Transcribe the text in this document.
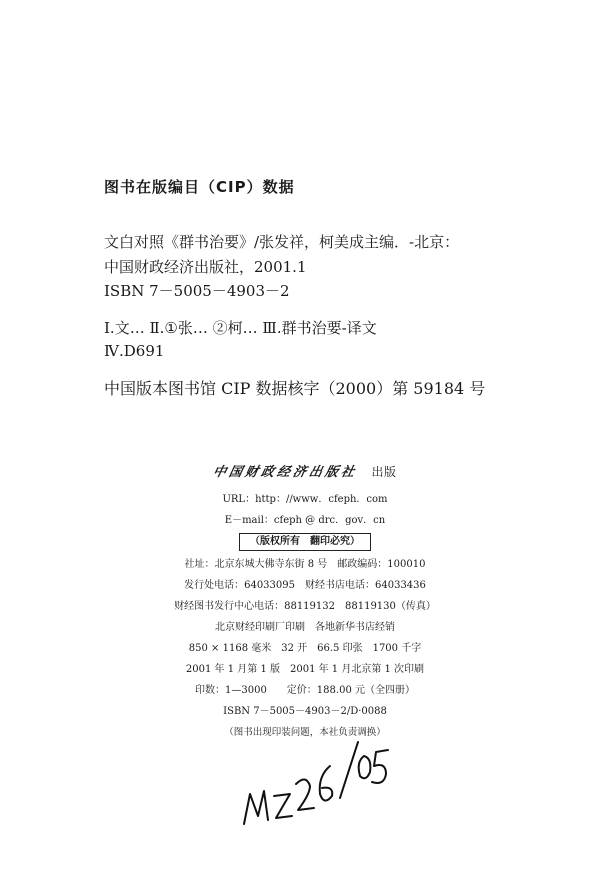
图书在版编目（CIP）数据
文白对照《群书治要》/张发祥，柯美成主编．-北京：
中国财政经济出版社，2001.1
ISBN 7－5005－4903－2
Ⅰ.文… Ⅱ.①张… ②柯… Ⅲ.群书治要-译文
Ⅳ.D691
中国版本图书馆 CIP 数据核字（2000）第 59184 号
中国财政经济出版社 出版
URL：http：//www．cfeph．com
E－mail：cfeph @ drc．gov．cn
（版权所有　翻印必究）
社址：北京东城大佛寺东街 8 号　邮政编码：100010
发行处电话：64033095　财经书店电话：64033436
财经图书发行中心电话：88119132　88119130（传真）
北京财经印刷厂印刷　各地新华书店经销
850 × 1168 毫米　32 开　66.5 印张　1700 千字
2001 年 1 月第 1 版　2001 年 1 月北京第 1 次印刷
印数：1—3000　　定价：188.00 元（全四册）
ISBN 7－5005－4903－2/D·0088
（图书出现印装问题，本社负责调换）
